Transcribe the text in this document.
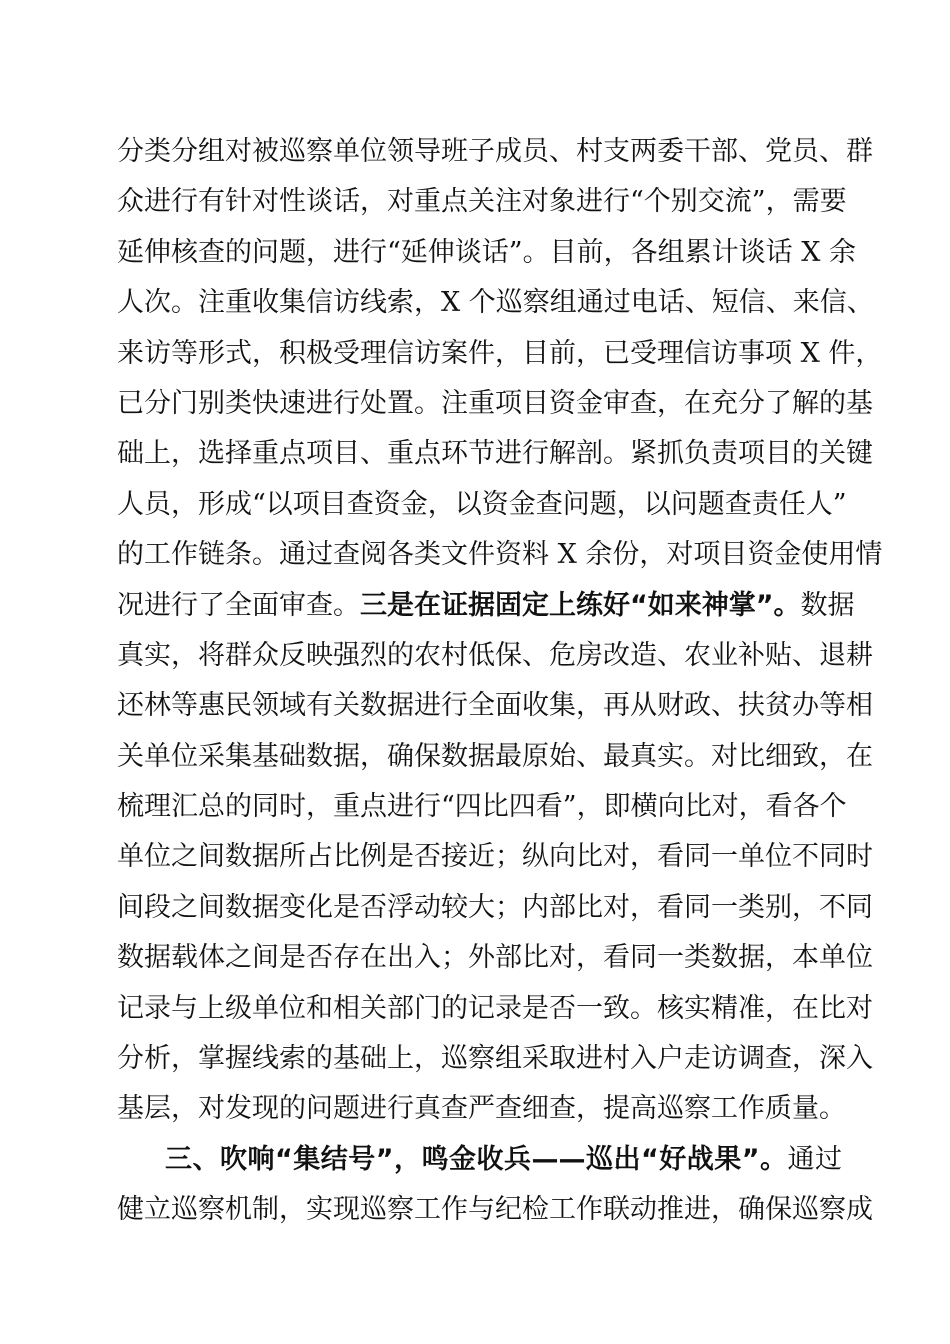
分类分组对被巡察单位领导班子成员、村支两委干部、党员、群
众进行有针对性谈话，对重点关注对象进行“个别交流”，需要
延伸核查的问题，进行“延伸谈话”。目前，各组累计谈话 X 余
人次。注重收集信访线索，X 个巡察组通过电话、短信、来信、
来访等形式，积极受理信访案件，目前，已受理信访事项 X 件，
已分门别类快速进行处置。注重项目资金审查，在充分了解的基
础上，选择重点项目、重点环节进行解剖。紧抓负责项目的关键
人员，形成“以项目查资金，以资金查问题，以问题查责任人”
的工作链条。通过查阅各类文件资料 X 余份，对项目资金使用情
况进行了全面审查。三是在证据固定上练好“如来神掌”。数据
真实，将群众反映强烈的农村低保、危房改造、农业补贴、退耕
还林等惠民领域有关数据进行全面收集，再从财政、扶贫办等相
关单位采集基础数据，确保数据最原始、最真实。对比细致，在
梳理汇总的同时，重点进行“四比四看”，即横向比对，看各个
单位之间数据所占比例是否接近；纵向比对，看同一单位不同时
间段之间数据变化是否浮动较大；内部比对，看同一类别，不同
数据载体之间是否存在出入；外部比对，看同一类数据，本单位
记录与上级单位和相关部门的记录是否一致。核实精准，在比对
分析，掌握线索的基础上，巡察组采取进村入户走访调查，深入
基层，对发现的问题进行真查严查细查，提高巡察工作质量。
三、吹响“集结号”，鸣金收兵——巡出“好战果”。通过
健立巡察机制，实现巡察工作与纪检工作联动推进，确保巡察成
